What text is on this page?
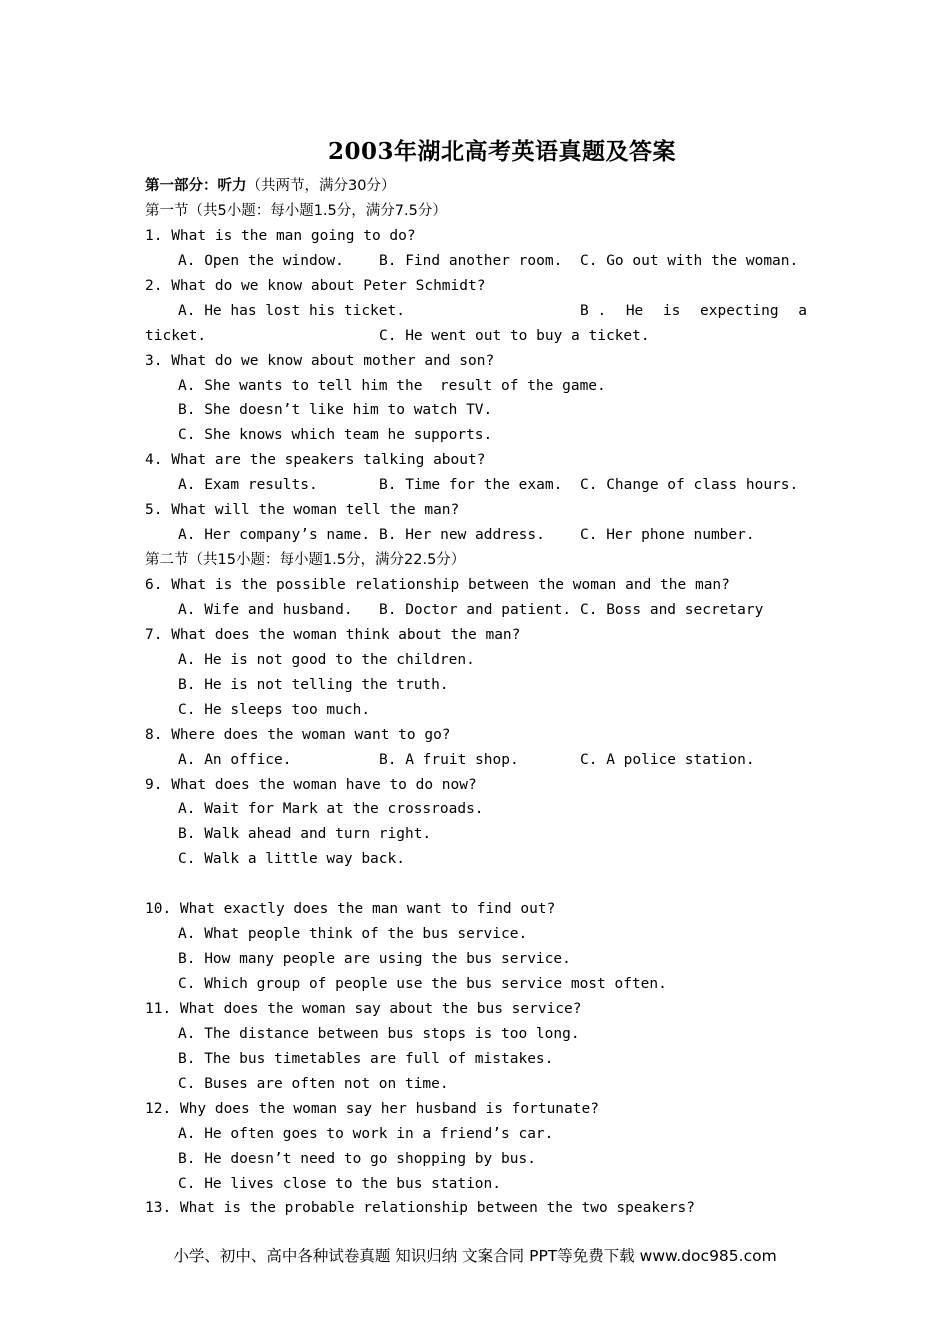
2003年湖北高考英语真题及答案
第一部分：听力（共两节，满分30分）
第一节（共5小题：每小题1.5分，满分7.5分）
1. What is the man going to do?
A. Open the window.	B. Find another room.	C. Go out with the woman.
2. What do we know about Peter Schmidt?
A. He has lost his ticket.	B . He is expecting a
ticket.	C. He went out to buy a ticket.
3. What do we know about mother and son?
A. She wants to tell him the  result of the game.
B. She doesn’t like him to watch TV.
C. She knows which team he supports.
4. What are the speakers talking about?
A. Exam results.	B. Time for the exam.	C. Change of class hours.
5. What will the woman tell the man?
A. Her company’s name. B. Her new address.	C. Her phone number.
第二节（共15小题：每小题1.5分，满分22.5分）
6. What is the possible relationship between the woman and the man?
A. Wife and husband.	B. Doctor and patient. C. Boss and secretary
7. What does the woman think about the man?
A. He is not good to the children.
B. He is not telling the truth.
C. He sleeps too much.
8. Where does the woman want to go?
A. An office.	B. A fruit shop.	C. A police station.
9. What does the woman have to do now?
A. Wait for Mark at the crossroads.
B. Walk ahead and turn right.
C. Walk a little way back.
10. What exactly does the man want to find out?
A. What people think of the bus service.
B. How many people are using the bus service.
C. Which group of people use the bus service most often.
11. What does the woman say about the bus service?
A. The distance between bus stops is too long.
B. The bus timetables are full of mistakes.
C. Buses are often not on time.
12. Why does the woman say her husband is fortunate?
A. He often goes to work in a friend’s car.
B. He doesn’t need to go shopping by bus.
C. He lives close to the bus station.
13. What is the probable relationship between the two speakers?
小学、初中、高中各种试卷真题 知识归纳 文案合同 PPT等免费下载 www.doc985.com
